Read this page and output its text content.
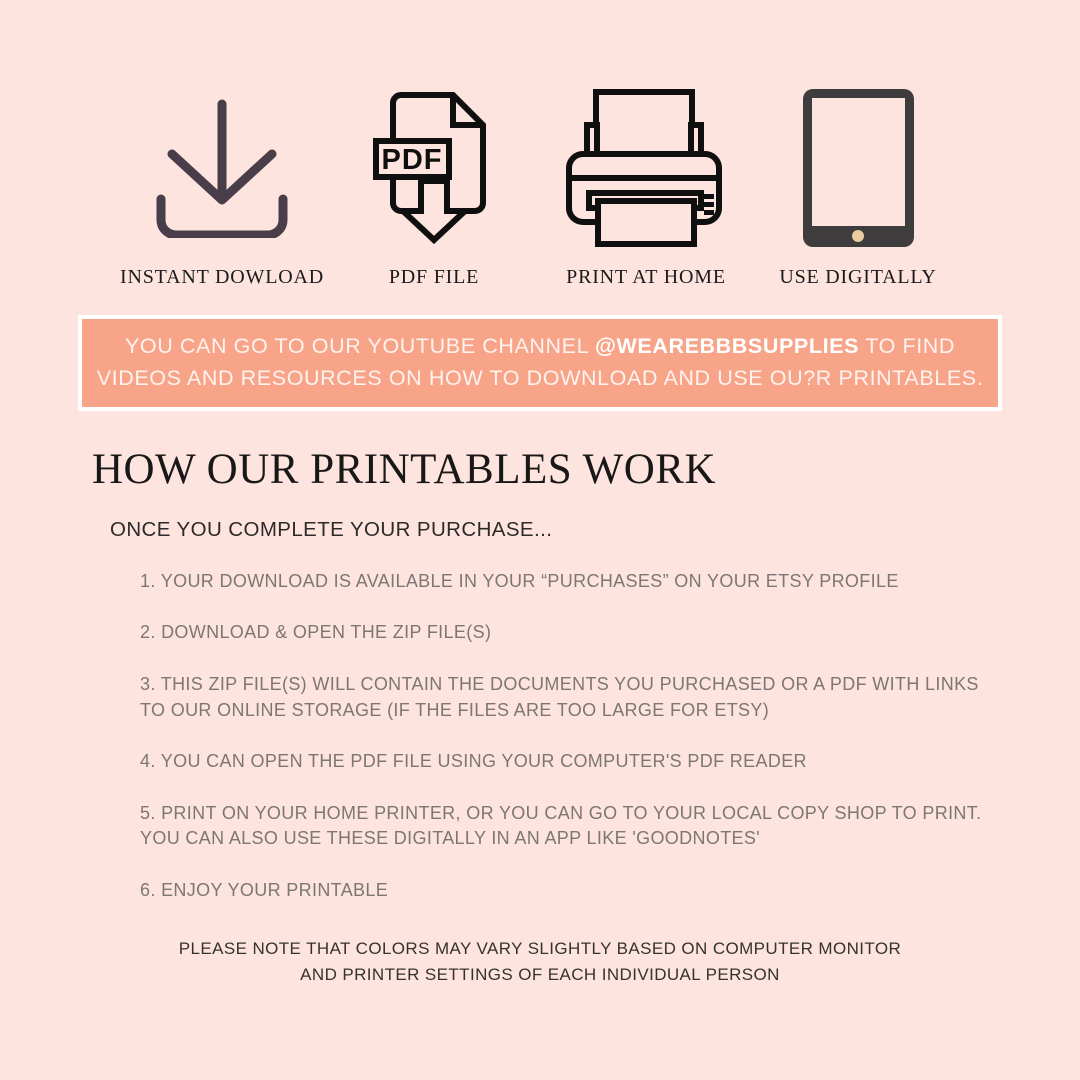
INSTANT DOWLOAD
PDF
PDF FILE	PRINT AT HOME	USE DIGITALLY
YOU CAN GO TO OUR YOUTUBE CHANNEL @WEAREBBBSUPPLIES TO FIND
VIDEOS AND RESOURCES ON HOW TO DOWNLOAD AND USE OU?R PRINTABLES.
HOW OUR PRINTABLES WORK

ONCE YOU COMPLETE YOUR PURCHASE...

1. YOUR DOWNLOAD IS AVAILABLE IN YOUR “PURCHASES” ON YOUR ETSY PROFILE
2. DOWNLOAD & OPEN THE ZIP FILE(S)
3. THIS ZIP FILE(S) WILL CONTAIN THE DOCUMENTS YOU PURCHASED OR A PDF WITH LINKS
TO OUR ONLINE STORAGE (IF THE FILES ARE TOO LARGE FOR ETSY)
4. YOU CAN OPEN THE PDF FILE USING YOUR COMPUTER'S PDF READER
5. PRINT ON YOUR HOME PRINTER, OR YOU CAN GO TO YOUR LOCAL COPY SHOP TO PRINT.
YOU CAN ALSO USE THESE DIGITALLY IN AN APP LIKE 'GOODNOTES'
6. ENJOY YOUR PRINTABLE
PLEASE NOTE THAT COLORS MAY VARY SLIGHTLY BASED ON COMPUTER MONITOR
AND PRINTER SETTINGS OF EACH INDIVIDUAL PERSON
